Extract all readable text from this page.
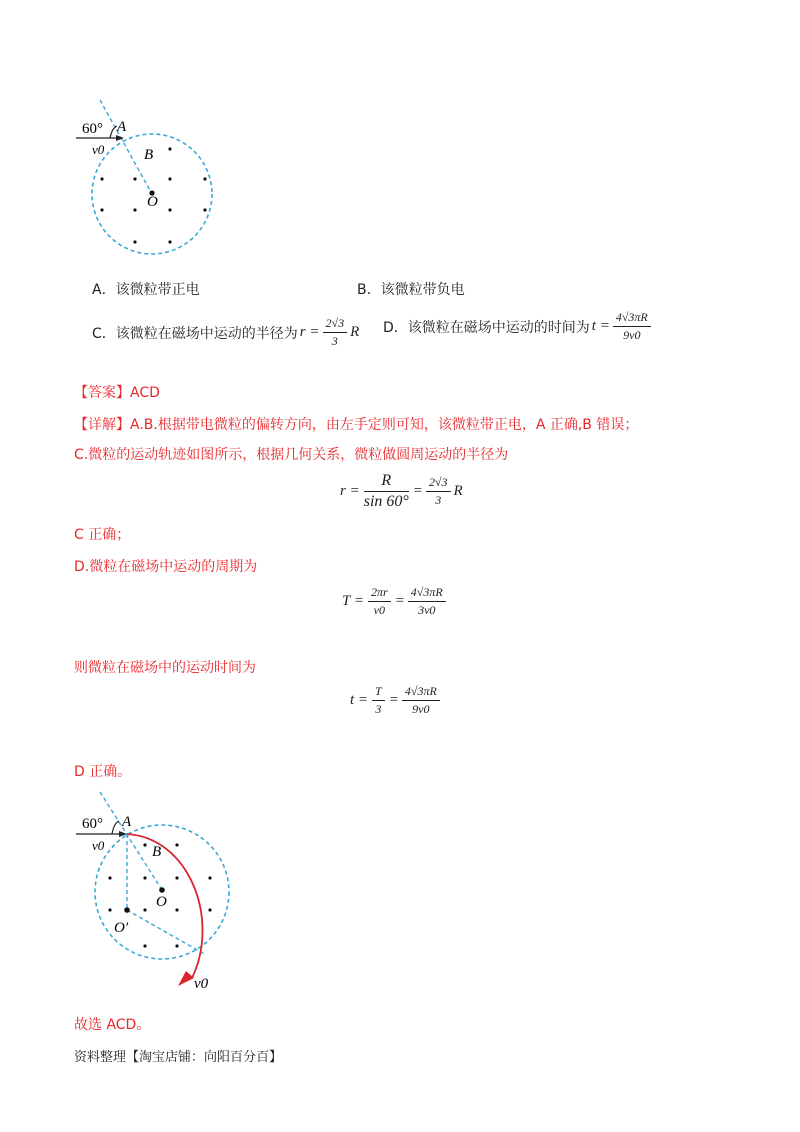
60° A
v0	B
O
A．该微粒带正电	B．该微粒带负电
C．该微粒在磁场中运动的半径为 $r = \frac{2√3}{3}$ R D．该微粒在磁场中运动的时间为 $t = \frac{4√3\pi R}{9v0}$
【答案】ACD
【详解】A.B.根据带电微粒的偏转方向，由左手定则可知，该微粒带正电，A 正确,B 错误；
C.微粒的运动轨迹如图所示，根据几何关系，微粒做圆周运动的半径为
$r = \frac{R}{\sin 60^\circ} = \frac{2√3}{3}$ R
C 正确；
D.微粒在磁场中运动的周期为
$T = \frac{2\pi r}{v0} = \frac{4√3\pi R}{3v0}$
则微粒在磁场中的运动时间为
$t = \frac{T}{3} = \frac{4√3\pi R}{9v0}$
D 正确。
60° A
v0	B
O
O′
v0
故选 ACD。
资料整理【淘宝店铺：向阳百分百】
